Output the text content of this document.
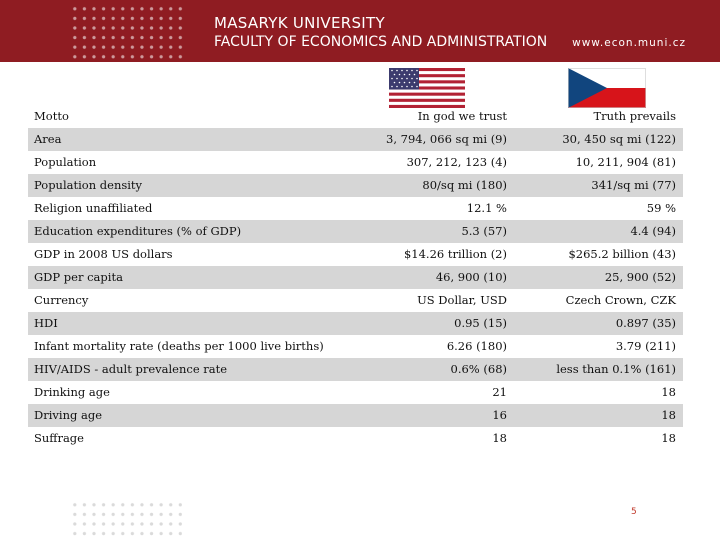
MASARYK UNIVERSITY
FACULTY OF ECONOMICS AND ADMINISTRATION www.econ.muni.cz
Motto	In god we trust	Truth prevails
Area	3, 794, 066 sq mi (9)	30, 450 sq mi (122)
Population	307, 212, 123 (4)	10, 211, 904 (81)
Population density	80/sq mi (180)	341/sq mi (77)
Religion unaffiliated	12.1 %	59 %
Education expenditures (% of GDP)	5.3 (57)	4.4 (94)
GDP in 2008 US dollars	$14.26 trillion (2)	$265.2 billion (43)
GDP per capita	46, 900 (10)	25, 900 (52)
Currency	US Dollar, USD	Czech Crown, CZK
HDI	0.95 (15)	0.897 (35)
Infant mortality rate (deaths per 1000 live births)	6.26 (180)	3.79 (211)
HIV/AIDS - adult prevalence rate	0.6% (68)	less than 0.1% (161)
Drinking age	21	18
Driving age	16	18
Suffrage	18	18
5
